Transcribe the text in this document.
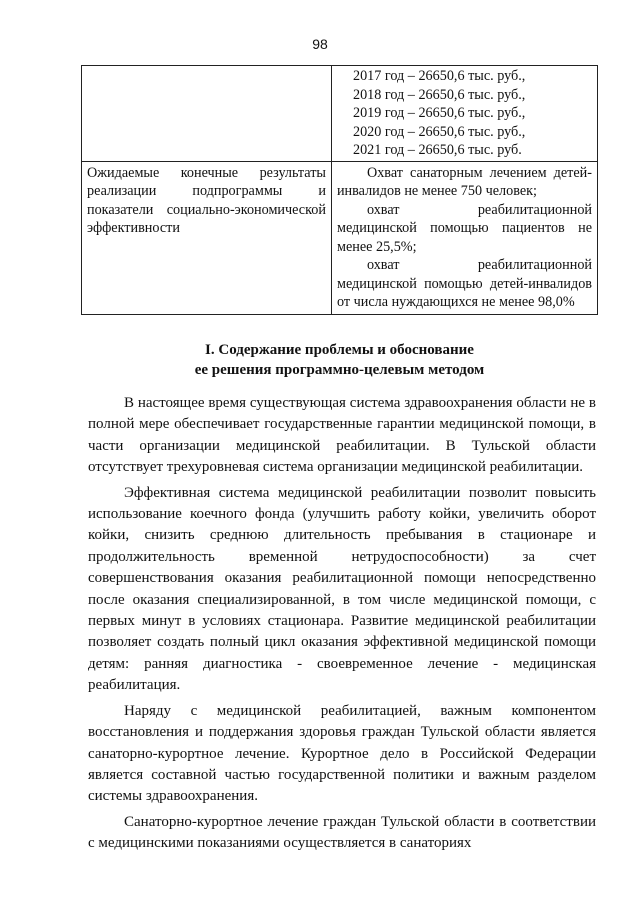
98

	2017 год – 26650,6 тыс. руб.,
2018 год – 26650,6 тыс. руб.,
2019 год – 26650,6 тыс. руб.,
2020 год – 26650,6 тыс. руб.,
2021 год – 26650,6 тыс. руб.

Ожидаемые конечные результаты реализации подпрограммы и показатели социально-экономической эффективности	Охват санаторным лечением детей-инвалидов не менее 750 человек;
охват реабилитационной медицинской помощью пациентов не менее 25,5%;
охват реабилитационной медицинской помощью детей-инвалидов от числа нуждающихся не менее 98,0%
I. Содержание проблемы и обоснование
ее решения программно-целевым методом

В настоящее время существующая система здравоохранения области не в полной мере обеспечивает государственные гарантии медицинской помощи, в части организации медицинской реабилитации. В Тульской области отсутствует трехуровневая система организации медицинской реабилитации.

Эффективная система медицинской реабилитации позволит повысить использование коечного фонда (улучшить работу койки, увеличить оборот койки, снизить среднюю длительность пребывания в стационаре и продолжительность временной нетрудоспособности) за счет совершенствования оказания реабилитационной помощи непосредственно после оказания специализированной, в том числе медицинской помощи, с первых минут в условиях стационара. Развитие медицинской реабилитации позволяет создать полный цикл оказания эффективной медицинской помощи детям: ранняя диагностика - своевременное лечение - медицинская реабилитация.

Наряду с медицинской реабилитацией, важным компонентом восстановления и поддержания здоровья граждан Тульской области является санаторно-курортное лечение. Курортное дело в Российской Федерации является составной частью государственной политики и важным разделом системы здравоохранения.

Санаторно-курортное лечение граждан Тульской области в соответствии с медицинскими показаниями осуществляется в санаториях
